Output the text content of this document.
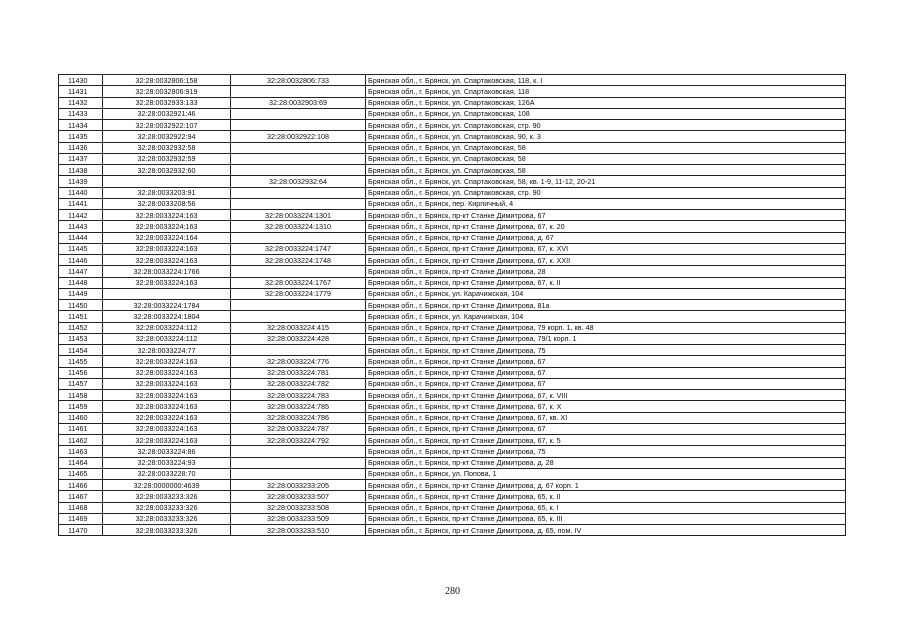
11430	32:28:0032806:158	32:28:0032806:733	Брянская обл., г. Брянск, ул. Спартаковская, 118, к. I
11431	32:28:0032806:919		Брянская обл., г. Брянск, ул. Спартаковская, 118
11432	32:28:0032933:133	32:28:0032903:69	Брянская обл., г. Брянск, ул. Спартаковская, 126А
11433	32:28:0032921:46		Брянская обл., г. Брянск, ул. Спартаковская, 108
11434	32:28:0032922:107		Брянская обл., г. Брянск, ул. Спартаковская, стр. 90
11435	32:28:0032922:94	32:28:0032922:108	Брянская обл., г. Брянск, ул. Спартаковская, 90, к. 3
11436	32:28:0032932:58		Брянская обл., г. Брянск, ул. Спартаковская, 58
11437	32:28:0032932:59		Брянская обл., г. Брянск, ул. Спартаковская, 58
11438	32:28:0032932:60		Брянская обл., г. Брянск, ул. Спартаковская, 58
11439		32:28:0032932:64	Брянская обл., г. Брянск, ул. Спартаковская, 58, кв. 1-9, 11-12, 20-21
11440	32:28:0033203:91		Брянская обл., г. Брянск, ул. Спартаковская, стр. 90
11441	32:28:0033208:56		Брянская обл., г. Брянск, пер. Кирпичный, 4
11442	32:28:0033224:163	32:28:0033224:1301	Брянская обл., г. Брянск, пр-кт Станке Димитрова, 67
11443	32:28:0033224:163	32:28:0033224:1310	Брянская обл., г. Брянск, пр-кт Станке Димитрова, 67, к. 20
11444	32:28:0033224:164		Брянская обл., г. Брянск, пр-кт Станке Димитрова, д. 67
11445	32:28:0033224:163	32:28:0033224:1747	Брянская обл., г. Брянск, пр-кт Станке Димитрова, 67, к. XVI
11446	32:28:0033224:163	32:28:0033224:1748	Брянская обл., г. Брянск, пр-кт Станке Димитрова, 67, к. XXII
11447	32:28:0033224:1766		Брянская обл., г. Брянск, пр-кт Станке Димитрова, 28
11448	32:28:0033224:163	32:28:0033224:1767	Брянская обл., г. Брянск, пр-кт Станке Димитрова, 67, к. II
11449		32:28:0033224:1779	Брянская обл., г. Брянск, ул. Карачижская, 104
11450	32:28:0033224:1784		Брянская обл., г. Брянск, пр-кт Станке Димитрова, 81а
11451	32:28:0033224:1804		Брянская обл., г. Брянск, ул. Карачижская, 104
11452	32:28:0033224:112	32:28:0033224:415	Брянская обл., г. Брянск, пр-кт Станке Димитрова, 79 корп. 1, кв. 48
11453	32:28:0033224:112	32:28:0033224:428	Брянская обл., г. Брянск, пр-кт Станке Димитрова, 79/1 корп. 1
11454	32:28:0033224:77		Брянская обл., г. Брянск, пр-кт Станке Димитрова, 75
11455	32:28:0033224:163	32:28:0033224:776	Брянская обл., г. Брянск, пр-кт Станке Димитрова, 67
11456	32:28:0033224:163	32:28:0033224:781	Брянская обл., г. Брянск, пр-кт Станке Димитрова, 67
11457	32:28:0033224:163	32:28:0033224:782	Брянская обл., г. Брянск, пр-кт Станке Димитрова, 67
11458	32:28:0033224:163	32:28:0033224:783	Брянская обл., г. Брянск, пр-кт Станке Димитрова, 67, к. VIII
11459	32:28:0033224:163	32:28:0033224:785	Брянская обл., г. Брянск, пр-кт Станке Димитрова, 67, к. X
11460	32:28:0033224:163	32:28:0033224:786	Брянская обл., г. Брянск, пр-кт Станке Димитрова, 67, кв. XI
11461	32:28:0033224:163	32:28:0033224:787	Брянская обл., г. Брянск, пр-кт Станке Димитрова, 67
11462	32:28:0033224:163	32:28:0033224:792	Брянская обл., г. Брянск, пр-кт Станке Димитрова, 67, к. 5
11463	32:28:0033224:86		Брянская обл., г. Брянск, пр-кт Станке Димитрова, 75
11464	32:28:0033224:93		Брянская обл., г. Брянск, пр-кт Станке Димитрова, д. 28
11465	32:28:0033228:70		Брянская обл., г. Брянск, ул. Попова, 1
11466	32:28:0000000:4639	32:28:0033233:205	Брянская обл., г. Брянск, пр-кт Станке Димитрова, д. 67 корп. 1
11467	32:28:0033233:326	32:28:0033233:507	Брянская обл., г. Брянск, пр-кт Станке Димитрова, 65, к. II
11468	32:28:0033233:326	32:28:0033233:508	Брянская обл., г. Брянск, пр-кт Станке Димитрова, 65, к. I
11469	32:28:0033233:326	32:28:0033233:509	Брянская обл., г. Брянск, пр-кт Станке Димитрова, 65, к. III
11470	32:28:0033233:326	32:28:0033233:510	Брянская обл., г. Брянск, пр-кт Станке Димитрова, д. 65, пом. IV
280
